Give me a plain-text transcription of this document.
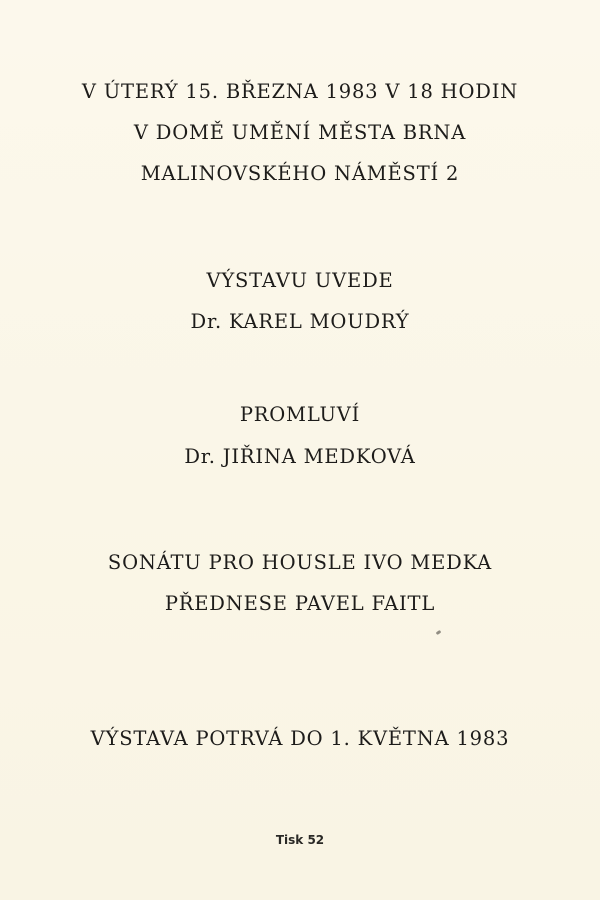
V ÚTERÝ 15. BŘEZNA 1983 V 18 HODIN
V DOMĚ UMĚNÍ MĚSTA BRNA
MALINOVSKÉHO NÁMĚSTÍ 2
VÝSTAVU UVEDE
Dr. KAREL MOUDRÝ
PROMLUVÍ
Dr. JIŘINA MEDKOVÁ
SONÁTU PRO HOUSLE IVO MEDKA
PŘEDNESE PAVEL FAITL
VÝSTAVA POTRVÁ DO 1. KVĚTNA 1983
Tisk 52
